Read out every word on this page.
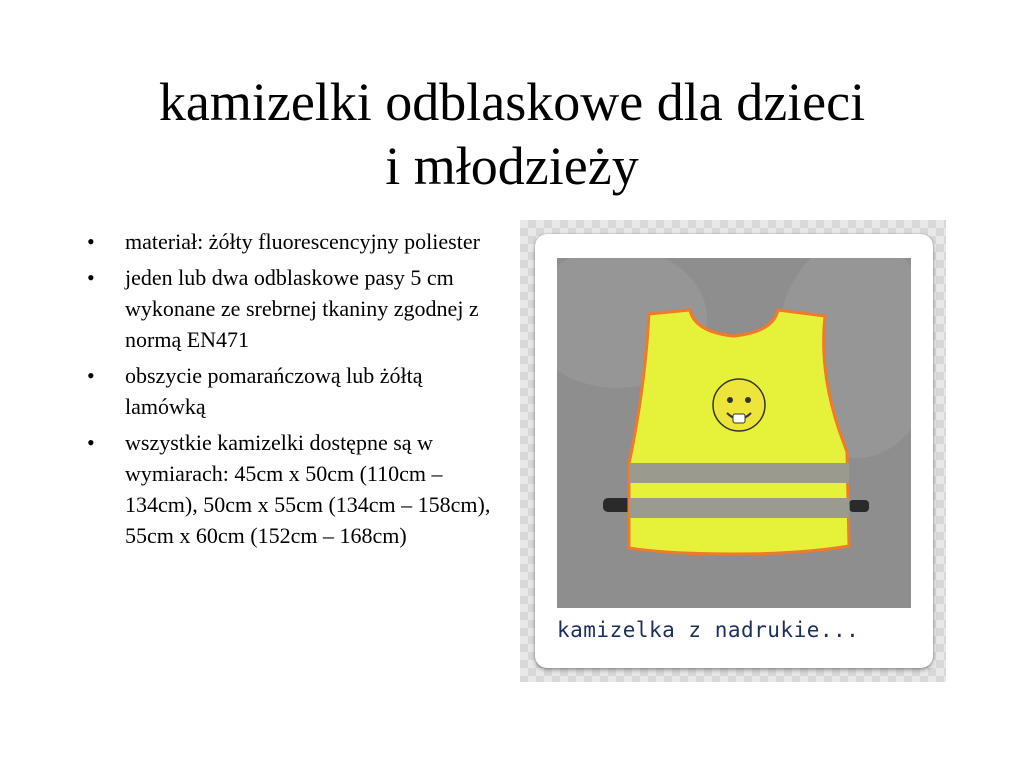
kamizelki odblaskowe dla dzieci
i młodzieży
• materiał: żółty fluorescencyjny poliester
• jeden lub dwa odblaskowe pasy 5 cm wykonane ze srebrnej tkaniny zgodnej z normą EN471
• obszycie pomarańczową lub żółtą lamówką
• wszystkie kamizelki dostępne są w wymiarach: 45cm x 50cm (110cm – 134cm), 50cm x 55cm (134cm – 158cm), 55cm x 60cm (152cm – 168cm)
kamizelka z nadrukie...
